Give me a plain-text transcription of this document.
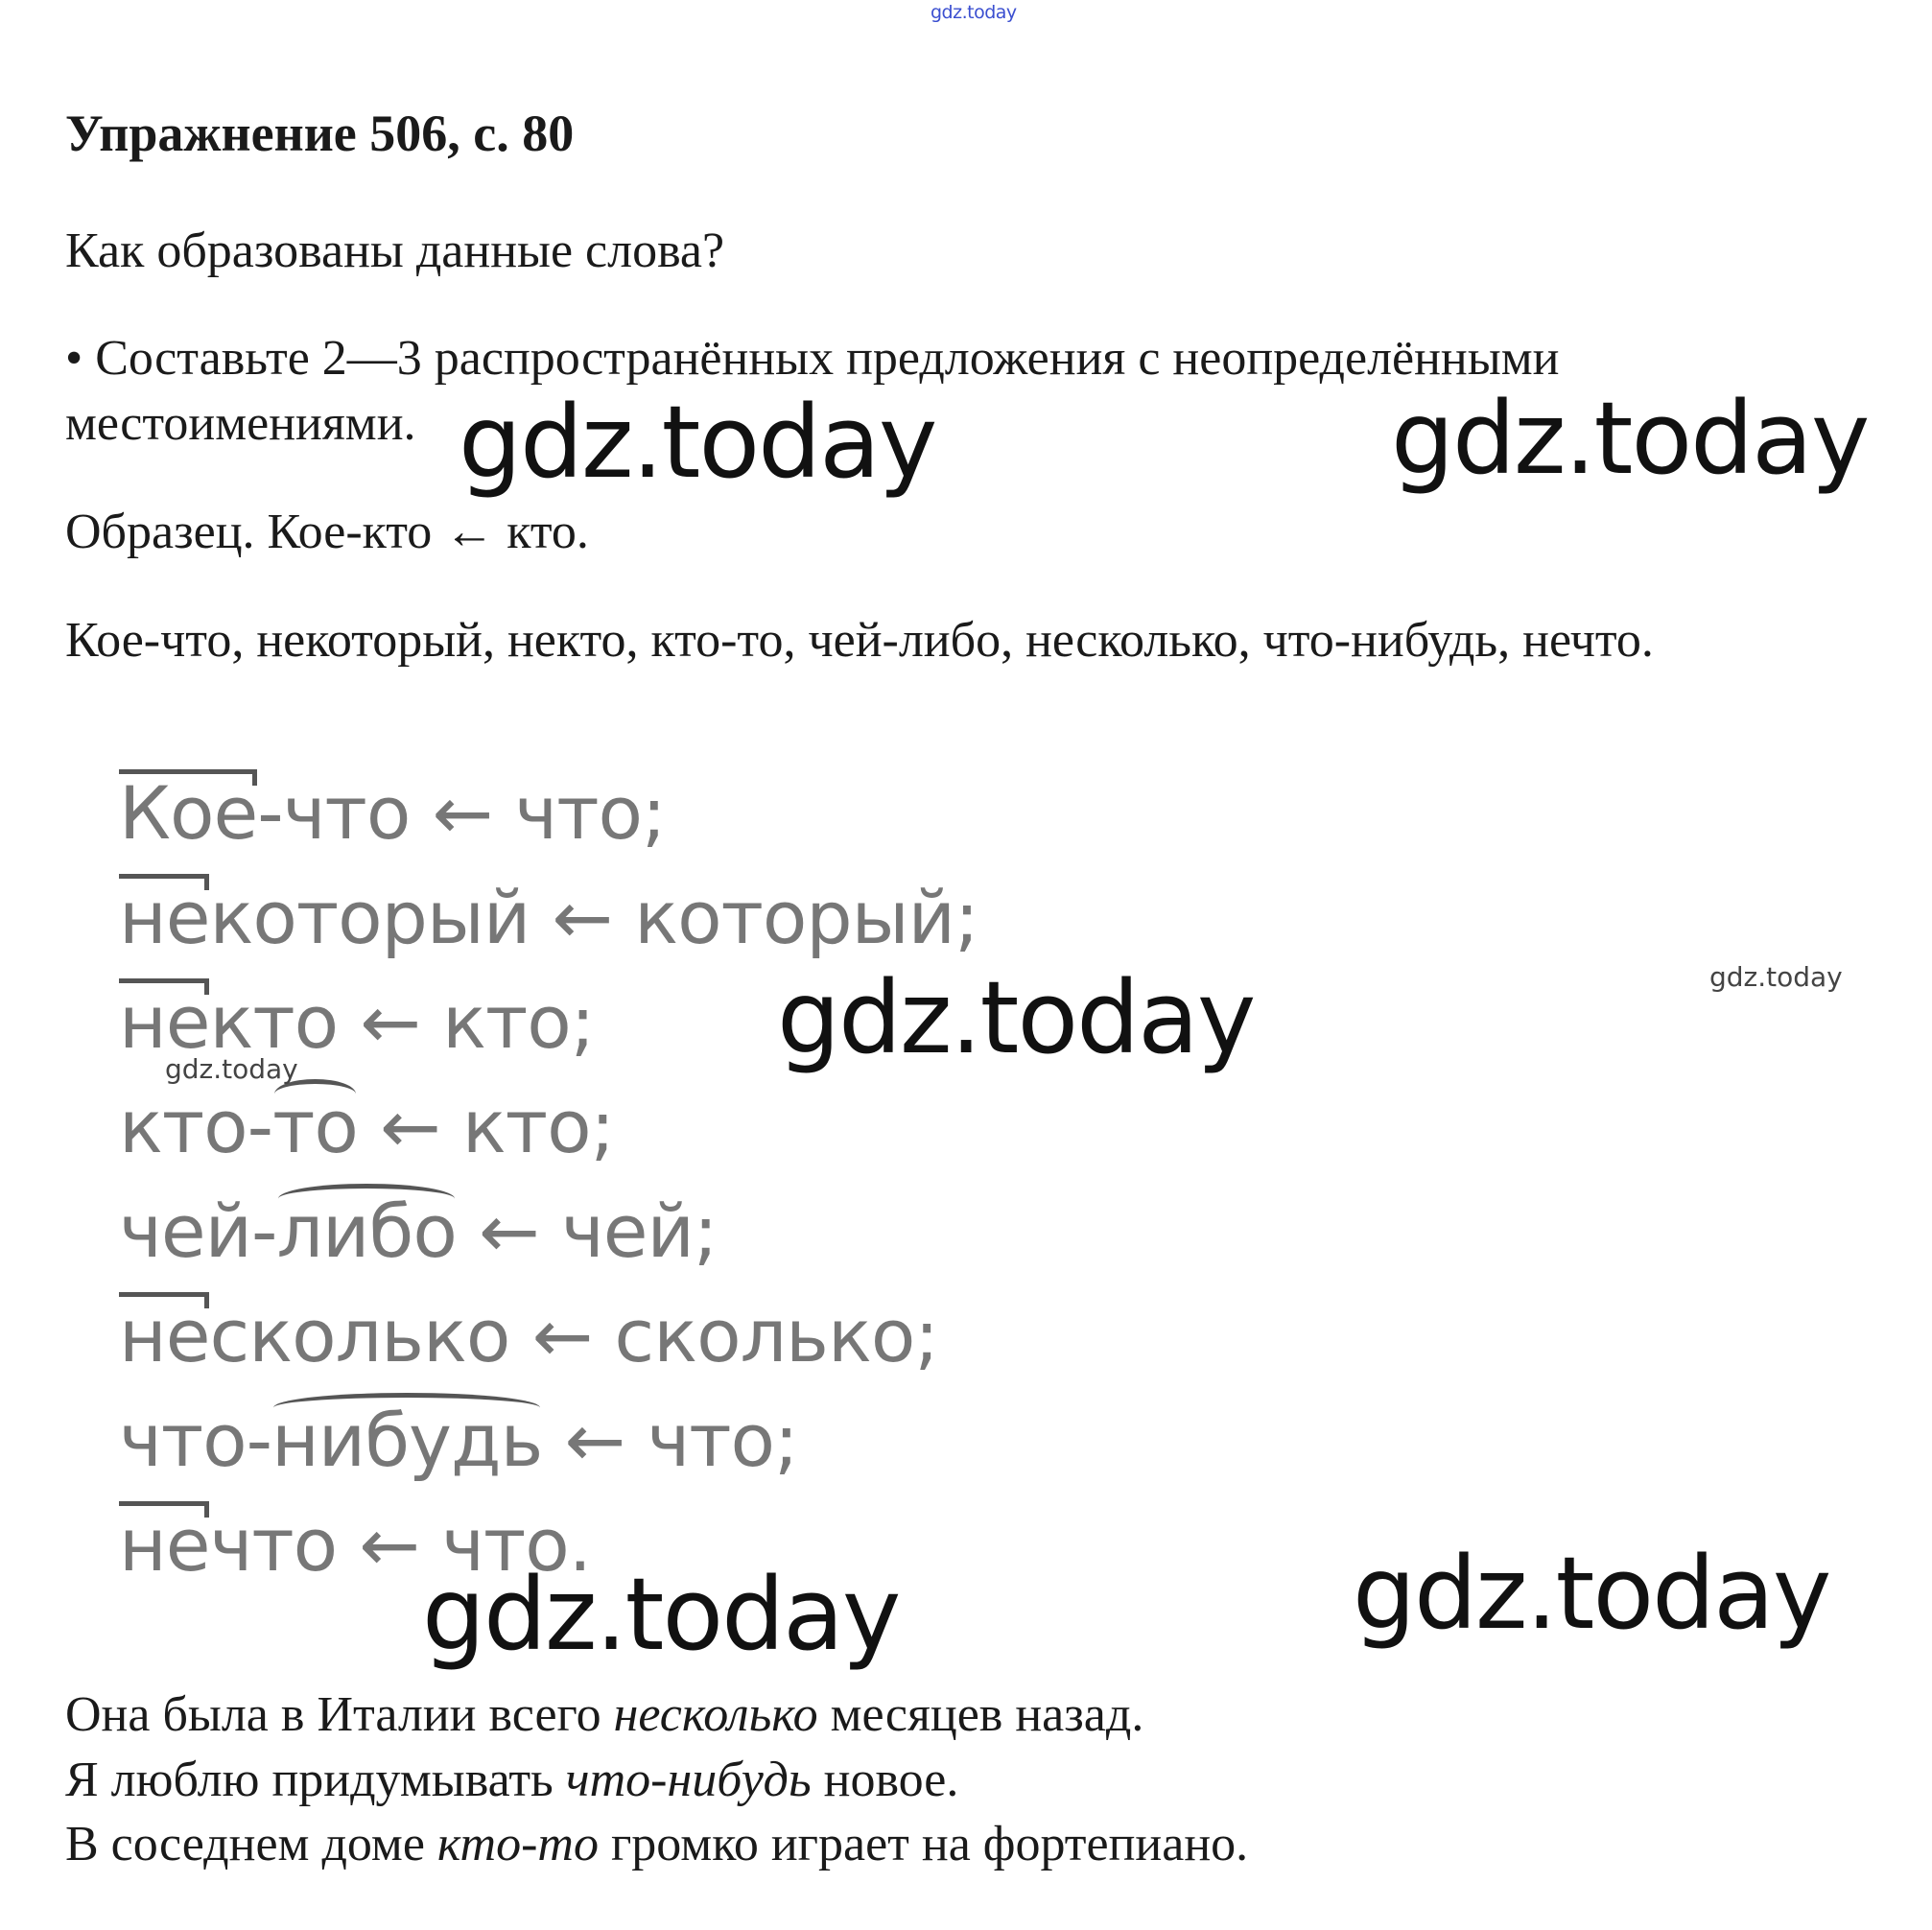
gdz.today
Упражнение 506, с. 80
Как образованы данные слова?
• Составьте 2—3 распространённых предложения с неопределёнными
местоимениями.
Образец. Кое-кто ← кто.
Кое-что, некоторый, некто, кто-то, чей-либо, несколько, что-нибудь, нечто.
Кое-что ← что;
некоторый ← который;
некто ← кто;
кто-то ← кто;
чей-либо ← чей;
несколько ← сколько;
что-нибудь ← что;
нечто ← что.
gdz.today	gdz.today
gdz.today
gdz.today	gdz.today
gdz.today
gdz.today
Она была в Италии всего несколько месяцев назад.
Я люблю придумывать что-нибудь новое.
В соседнем доме кто-то громко играет на фортепиано.
